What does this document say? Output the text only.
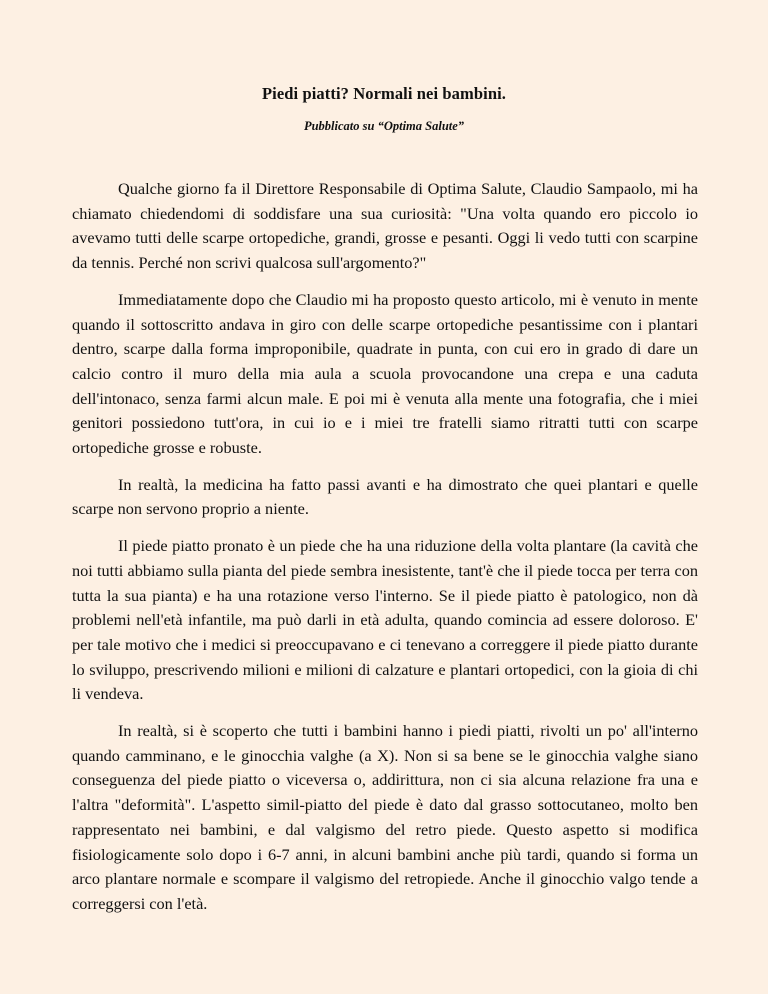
Piedi piatti? Normali nei bambini.
Pubblicato su “Optima Salute”

Qualche giorno fa il Direttore Responsabile di Optima Salute, Claudio Sampaolo, mi ha chiamato chiedendomi di soddisfare una sua curiosità: "Una volta quando ero piccolo io avevamo tutti delle scarpe ortopediche, grandi, grosse e pesanti. Oggi li vedo tutti con scarpine da tennis. Perché non scrivi qualcosa sull'argomento?"

Immediatamente dopo che Claudio mi ha proposto questo articolo, mi è venuto in mente quando il sottoscritto andava in giro con delle scarpe ortopediche pesantissime con i plantari dentro, scarpe dalla forma improponibile, quadrate in punta, con cui ero in grado di dare un calcio contro il muro della mia aula a scuola provocandone una crepa e una caduta dell'intonaco, senza farmi alcun male. E poi mi è venuta alla mente una fotografia, che i miei genitori possiedono tutt'ora, in cui io e i miei tre fratelli siamo ritratti tutti con scarpe ortopediche grosse e robuste.

In realtà, la medicina ha fatto passi avanti e ha dimostrato che quei plantari e quelle scarpe non servono proprio a niente.

Il piede piatto pronato è un piede che ha una riduzione della volta plantare (la cavità che noi tutti abbiamo sulla pianta del piede sembra inesistente, tant'è che il piede tocca per terra con tutta la sua pianta) e ha una rotazione verso l'interno. Se il piede piatto è patologico, non dà problemi nell'età infantile, ma può darli in età adulta, quando comincia ad essere doloroso. E' per tale motivo che i medici si preoccupavano e ci tenevano a correggere il piede piatto durante lo sviluppo, prescrivendo milioni e milioni di calzature e plantari ortopedici, con la gioia di chi li vendeva.

In realtà, si è scoperto che tutti i bambini hanno i piedi piatti, rivolti un po' all'interno quando camminano, e le ginocchia valghe (a X). Non si sa bene se le ginocchia valghe siano conseguenza del piede piatto o viceversa o, addirittura, non ci sia alcuna relazione fra una e l'altra "deformità". L'aspetto simil-piatto del piede è dato dal grasso sottocutaneo, molto ben rappresentato nei bambini, e dal valgismo del retro piede. Questo aspetto si modifica fisiologicamente solo dopo i 6-7 anni, in alcuni bambini anche più tardi, quando si forma un arco plantare normale e scompare il valgismo del retropiede. Anche il ginocchio valgo tende a correggersi con l'età.
